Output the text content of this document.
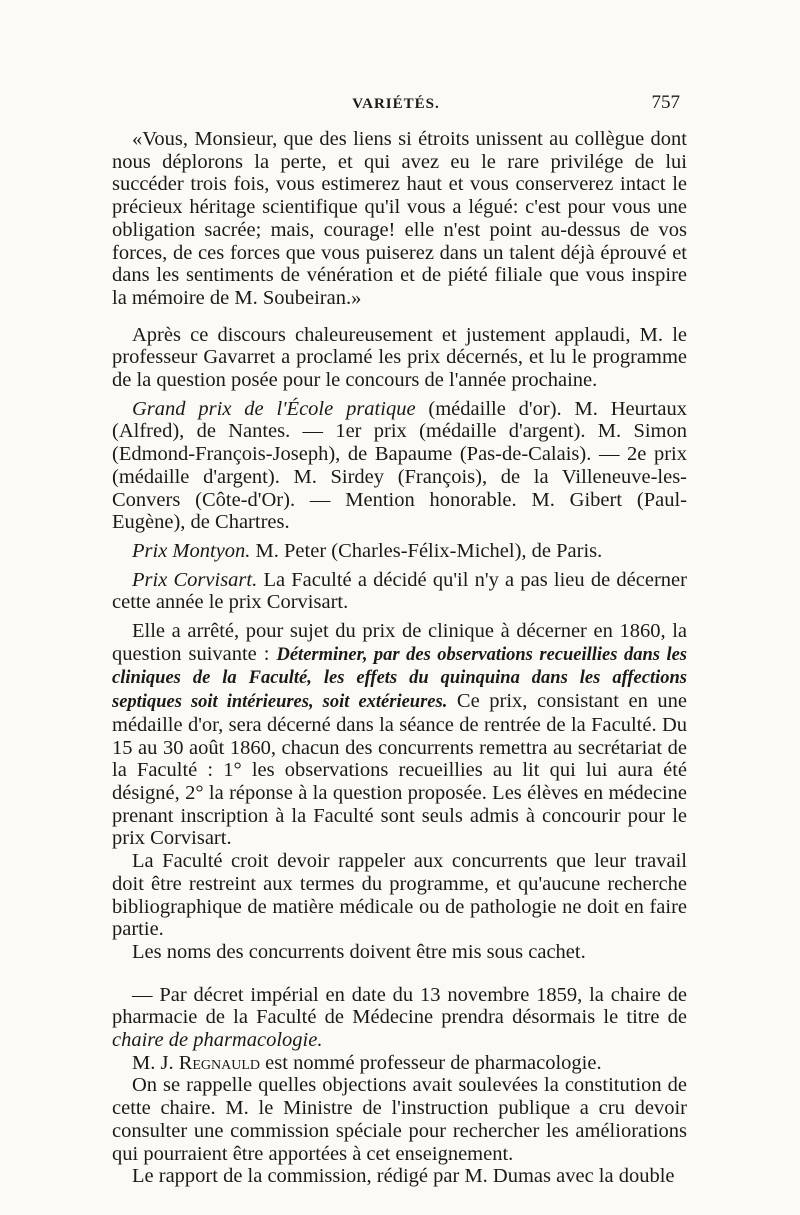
VARIÉTÉS.	757

«Vous, Monsieur, que des liens si étroits unissent au collègue dont nous déplorons la perte, et qui avez eu le rare privilége de lui succéder trois fois, vous estimerez haut et vous conserverez intact le précieux héritage scientifique qu'il vous a légué: c'est pour vous une obligation sacrée; mais, courage! elle n'est point au-dessus de vos forces, de ces forces que vous puiserez dans un talent déjà éprouvé et dans les sentiments de vénération et de piété filiale que vous inspire la mémoire de M. Soubeiran.»

Après ce discours chaleureusement et justement applaudi, M. le professeur Gavarret a proclamé les prix décernés, et lu le programme de la question posée pour le concours de l'année prochaine.

Grand prix de l'École pratique (médaille d'or). M. Heurtaux (Alfred), de Nantes. — 1er prix (médaille d'argent). M. Simon (Edmond-François-Joseph), de Bapaume (Pas-de-Calais). — 2e prix (médaille d'argent). M. Sirdey (François), de la Villeneuve-les-Convers (Côte-d'Or). — Mention honorable. M. Gibert (Paul-Eugène), de Chartres.

Prix Montyon. M. Peter (Charles-Félix-Michel), de Paris.

Prix Corvisart. La Faculté a décidé qu'il n'y a pas lieu de décerner cette année le prix Corvisart.

Elle a arrêté, pour sujet du prix de clinique à décerner en 1860, la question suivante : Déterminer, par des observations recueillies dans les cliniques de la Faculté, les effets du quinquina dans les affections septiques soit intérieures, soit extérieures. Ce prix, consistant en une médaille d'or, sera décerné dans la séance de rentrée de la Faculté. Du 15 au 30 août 1860, chacun des concurrents remettra au secrétariat de la Faculté : 1° les observations recueillies au lit qui lui aura été désigné, 2° la réponse à la question proposée. Les élèves en médecine prenant inscription à la Faculté sont seuls admis à concourir pour le prix Corvisart.

La Faculté croit devoir rappeler aux concurrents que leur travail doit être restreint aux termes du programme, et qu'aucune recherche bibliographique de matière médicale ou de pathologie ne doit en faire partie.

Les noms des concurrents doivent être mis sous cachet.

— Par décret impérial en date du 13 novembre 1859, la chaire de pharmacie de la Faculté de Médecine prendra désormais le titre de chaire de pharmacologie.

M. J. Regnauld est nommé professeur de pharmacologie.

On se rappelle quelles objections avait soulevées la constitution de cette chaire. M. le Ministre de l'instruction publique a cru devoir consulter une commission spéciale pour rechercher les améliorations qui pourraient être apportées à cet enseignement.

Le rapport de la commission, rédigé par M. Dumas avec la double
